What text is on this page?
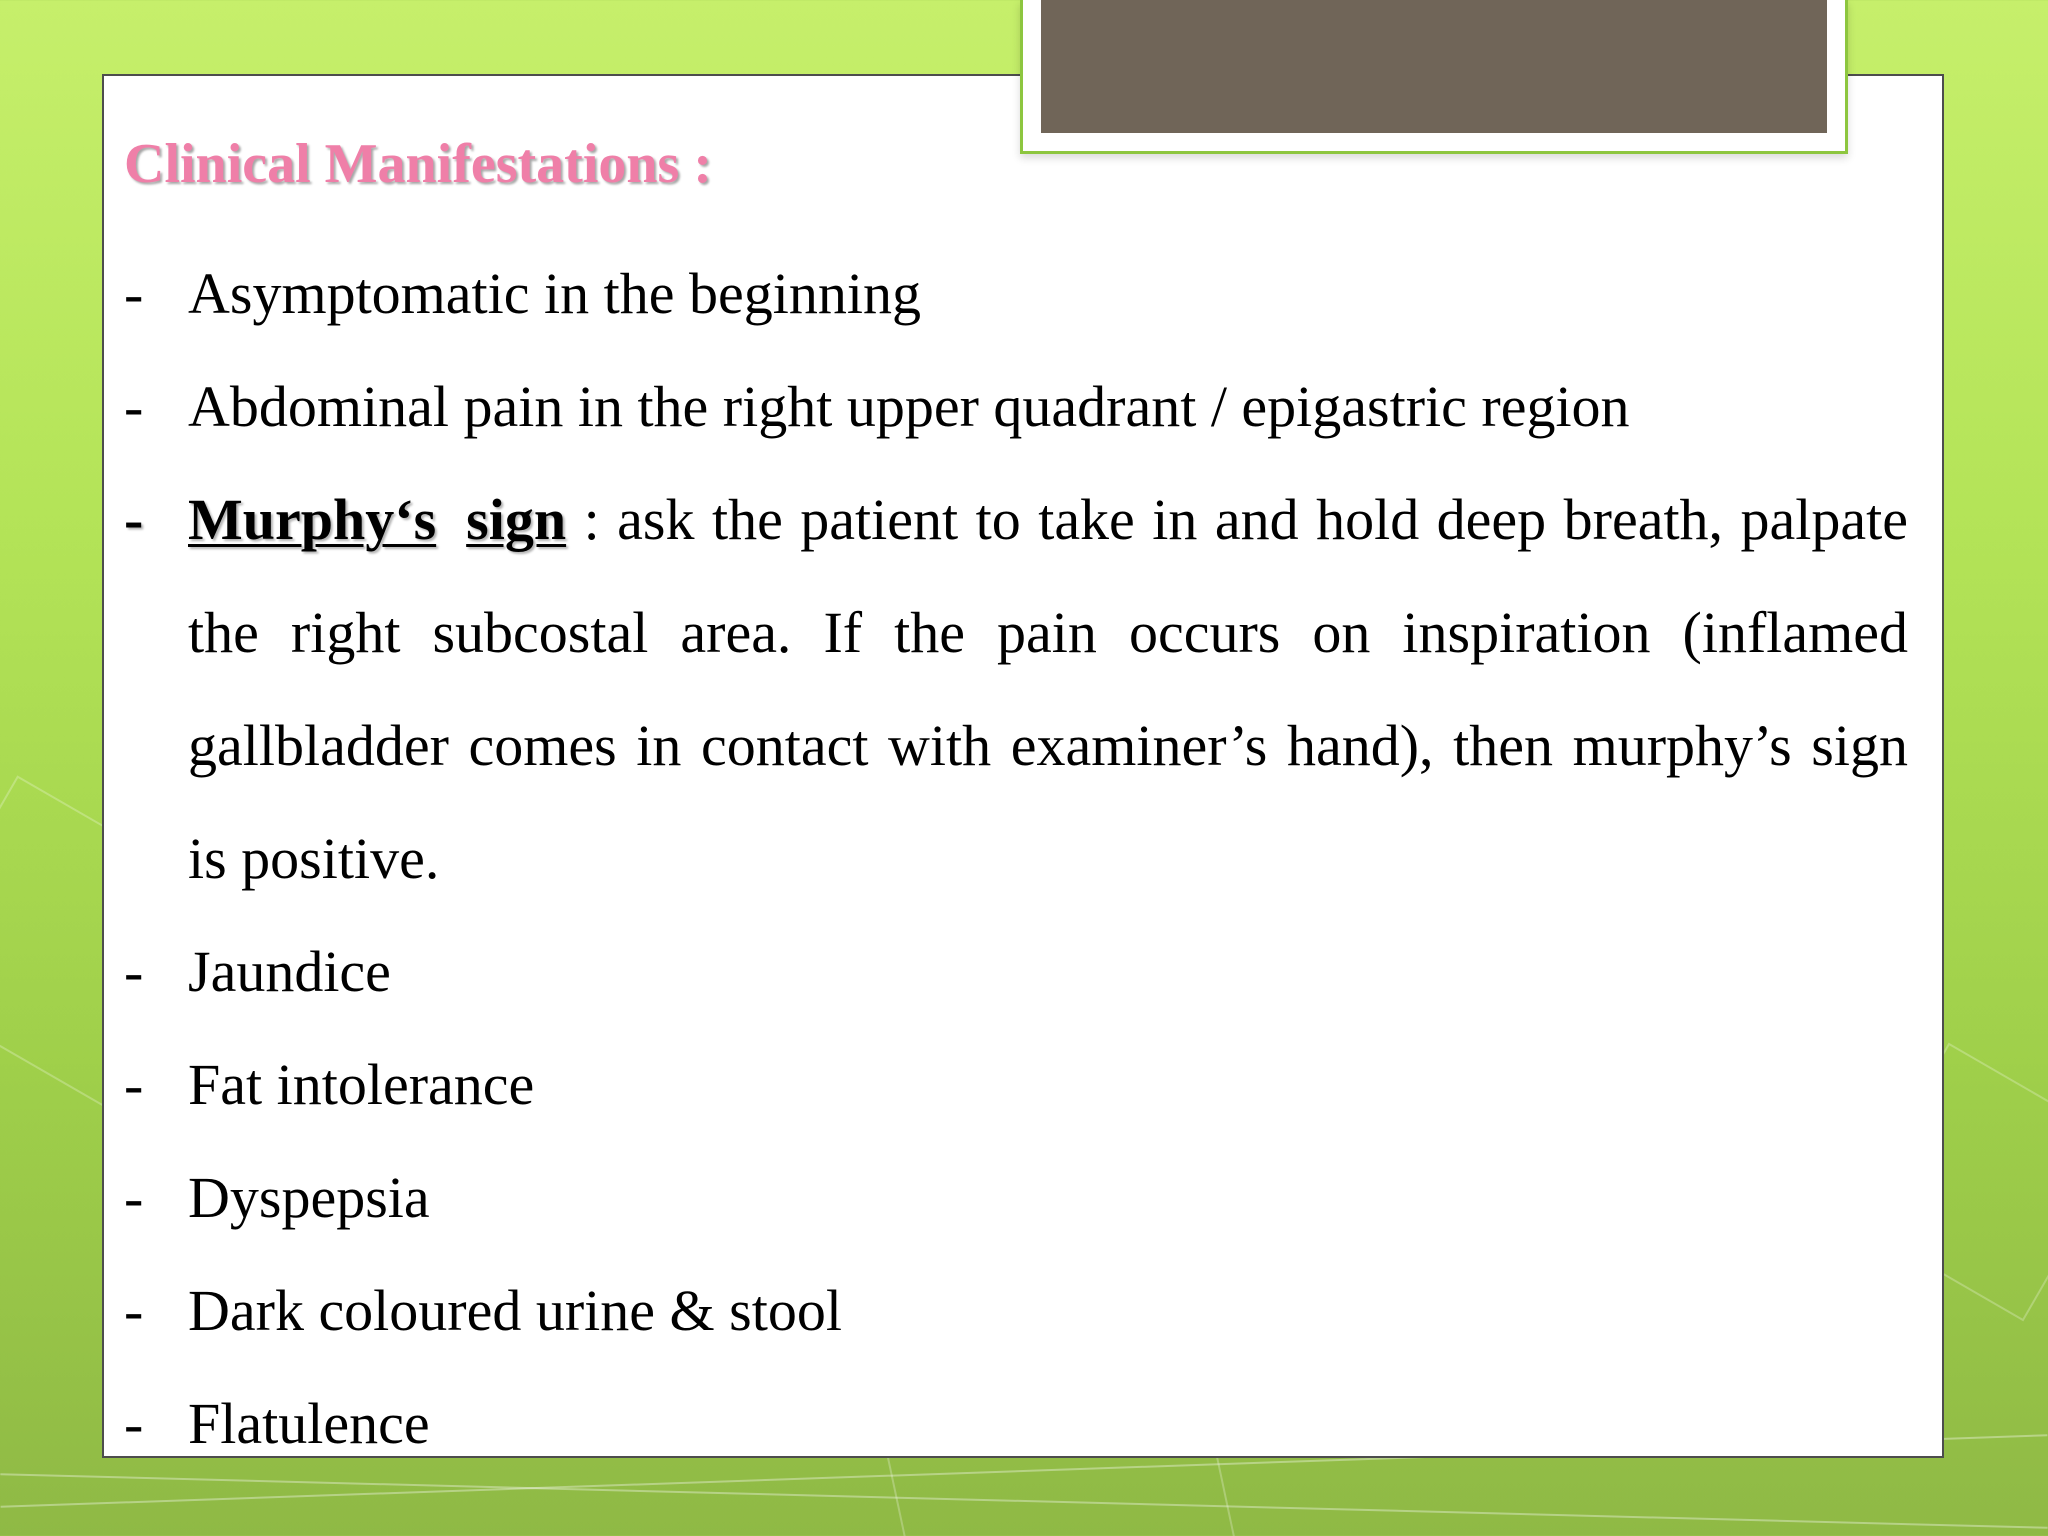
Clinical Manifestations :
- Asymptomatic in the beginning
- Abdominal pain in the right upper quadrant / epigastric region
- Murphy‘s sign : ask the patient to take in and hold deep breath, palpate the right subcostal area. If the pain occurs on inspiration (inflamed gallbladder comes in contact with examiner’s hand), then murphy’s sign is positive.
- Jaundice
- Fat intolerance
- Dyspepsia
- Dark coloured urine & stool
- Flatulence
